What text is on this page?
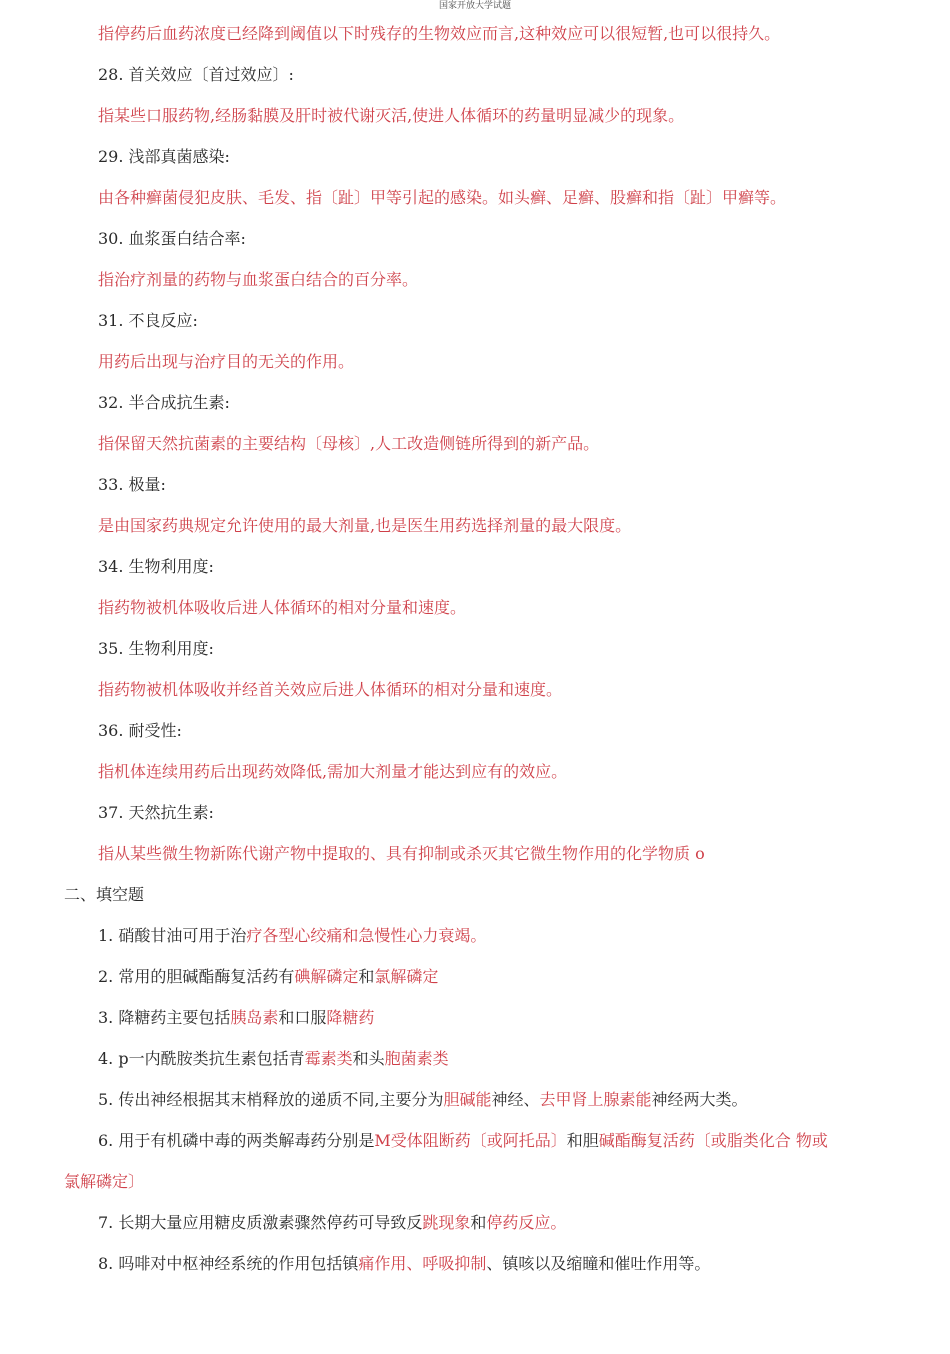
国家开放大学试题
指停药后血药浓度已经降到阈值以下时残存的生物效应而言,这种效应可以很短暂,也可以很持久。
28. 首关效应〔首过效应〕:
指某些口服药物,经肠黏膜及肝时被代谢灭活,使进人体循环的药量明显减少的现象。
29. 浅部真菌感染:
由各种癣菌侵犯皮肤、毛发、指〔趾〕甲等引起的感染。如头癣、足癣、股癣和指〔趾〕甲癣等。
30. 血浆蛋白结合率:
指治疗剂量的药物与血浆蛋白结合的百分率。
31. 不良反应:
用药后出现与治疗目的无关的作用。
32. 半合成抗生素:
指保留天然抗菌素的主要结构〔母核〕,人工改造侧链所得到的新产品。
33. 极量:
是由国家药典规定允许使用的最大剂量,也是医生用药选择剂量的最大限度。
34. 生物利用度:
指药物被机体吸收后进人体循环的相对分量和速度。
35. 生物利用度:
指药物被机体吸收并经首关效应后进人体循环的相对分量和速度。
36. 耐受性:
指机体连续用药后出现药效降低,需加大剂量才能达到应有的效应。
37. 天然抗生素:
指从某些微生物新陈代谢产物中提取的、具有抑制或杀灭其它微生物作用的化学物质 o
二、填空题
1. 硝酸甘油可用于治疗各型心绞痛和急慢性心力衰竭。
2. 常用的胆碱酯酶复活药有碘解磷定和氯解磷定
3. 降糖药主要包括胰岛素和口服降糖药
4. p一内酰胺类抗生素包括青霉素类和头胞菌素类
5. 传出神经根据其末梢释放的递质不同,主要分为胆碱能神经、去甲肾上腺素能神经两大类。
6. 用于有机磷中毒的两类解毒药分别是M受体阻断药〔或阿托品〕和胆碱酯酶复活药〔或脂类化合 物或
氯解磷定〕
7. 长期大量应用糖皮质激素骤然停药可导致反跳现象和停药反应。
8. 吗啡对中枢神经系统的作用包括镇痛作用、呼吸抑制、镇咳以及缩瞳和催吐作用等。
